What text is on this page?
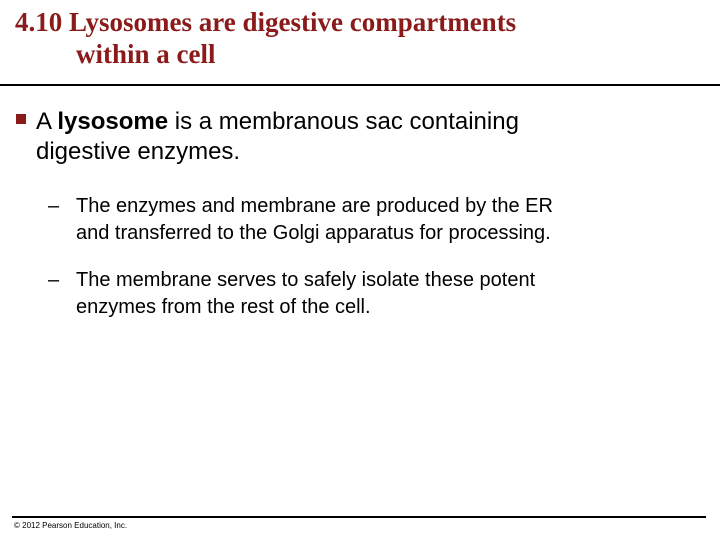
4.10 Lysosomes are digestive compartments
within a cell
A lysosome is a membranous sac containing
digestive enzymes.
– The enzymes and membrane are produced by the ER
and transferred to the Golgi apparatus for processing.
– The membrane serves to safely isolate these potent
enzymes from the rest of the cell.
© 2012 Pearson Education, Inc.
